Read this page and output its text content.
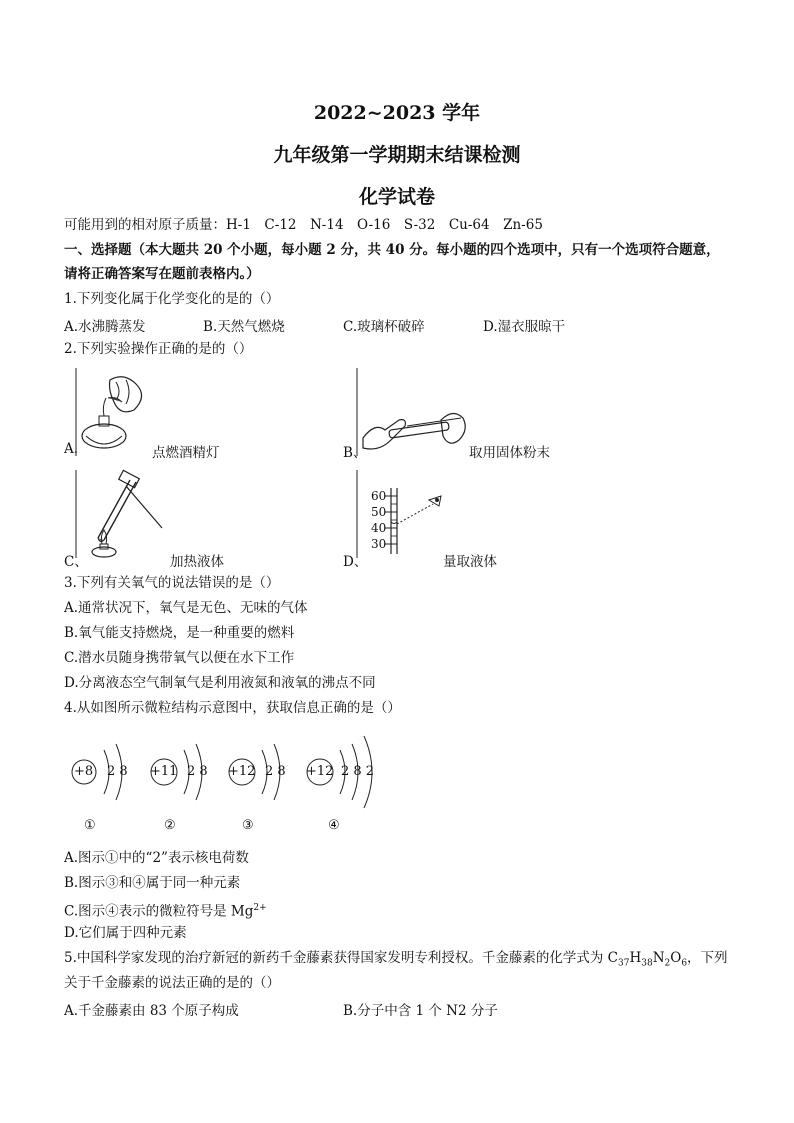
2022~2023 学年
九年级第一学期期末结课检测
化学试卷
可能用到的相对原子质量：H-1　C-12　N-14　O-16　S-32　Cu-64　Zn-65
一、选择题（本大题共 20 个小题，每小题 2 分，共 40 分。每小题的四个选项中，只有一个选项符合题意，
请将正确答案写在题前表格内。）
1.下列变化属于化学变化的是的（）
A.水沸腾蒸发	B.天然气燃烧	C.玻璃杯破碎	D.湿衣服晾干
2.下列实验操作正确的是的（）
A.	点燃酒精灯	B、	取用固体粉末
C、	加热液体
60
50
40
30
D、	量取液体
3.下列有关氧气的说法错误的是（）
A.通常状况下，氧气是无色、无味的气体
B.氧气能支持燃烧，是一种重要的燃料
C.潜水员随身携带氧气以便在水下工作
D.分离液态空气制氧气是利用液氮和液氧的沸点不同
4.从如图所示微粒结构示意图中，获取信息正确的是（）
+8 2 8
①
+11 2 8
②
+12 2 8
③
+12 2 8 2
④
A.图示①中的“2”表示核电荷数
B.图示③和④属于同一种元素
C.图示④表示的微粒符号是 $Mg^{2+}$
D.它们属于四种元素
5.中国科学家发现的治疗新冠的新药千金藤素获得国家发明专利授权。千金藤素的化学式为 $C_{37}H_{38}N_2O_6$，下列
关于千金藤素的说法正确的是的（）
A.千金藤素由 83 个原子构成	B.分子中含 1 个 N2 分子
